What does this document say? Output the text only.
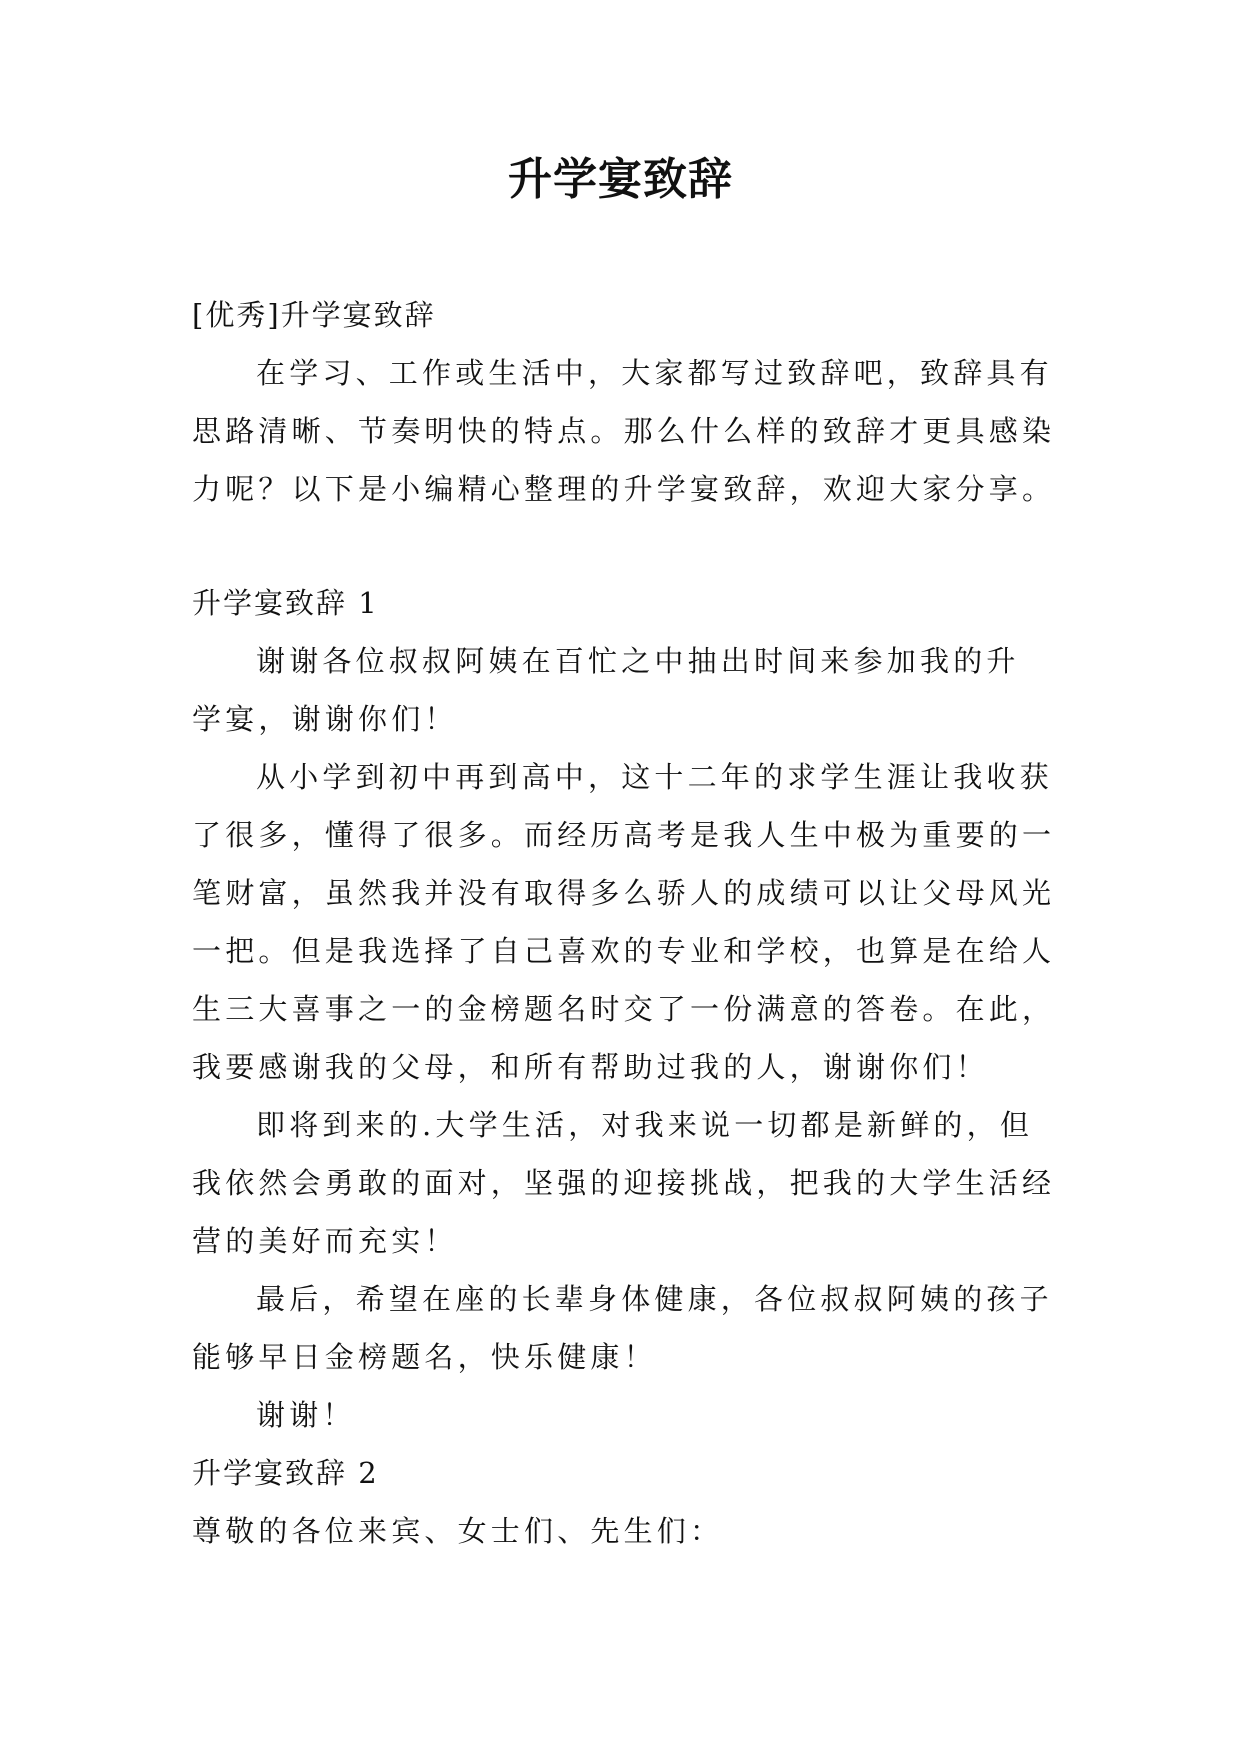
升学宴致辞
[优秀]升学宴致辞
在学习、工作或生活中，大家都写过致辞吧，致辞具有
思路清晰、节奏明快的特点。那么什么样的致辞才更具感染
力呢？以下是小编精心整理的升学宴致辞，欢迎大家分享。
升学宴致辞 1
谢谢各位叔叔阿姨在百忙之中抽出时间来参加我的升
学宴，谢谢你们！
从小学到初中再到高中，这十二年的求学生涯让我收获
了很多，懂得了很多。而经历高考是我人生中极为重要的一
笔财富，虽然我并没有取得多么骄人的成绩可以让父母风光
一把。但是我选择了自己喜欢的专业和学校，也算是在给人
生三大喜事之一的金榜题名时交了一份满意的答卷。在此，
我要感谢我的父母，和所有帮助过我的人，谢谢你们！
即将到来的.大学生活，对我来说一切都是新鲜的，但
我依然会勇敢的面对，坚强的迎接挑战，把我的大学生活经
营的美好而充实！
最后，希望在座的长辈身体健康，各位叔叔阿姨的孩子
能够早日金榜题名，快乐健康！
谢谢！
升学宴致辞 2
尊敬的各位来宾、女士们、先生们：
